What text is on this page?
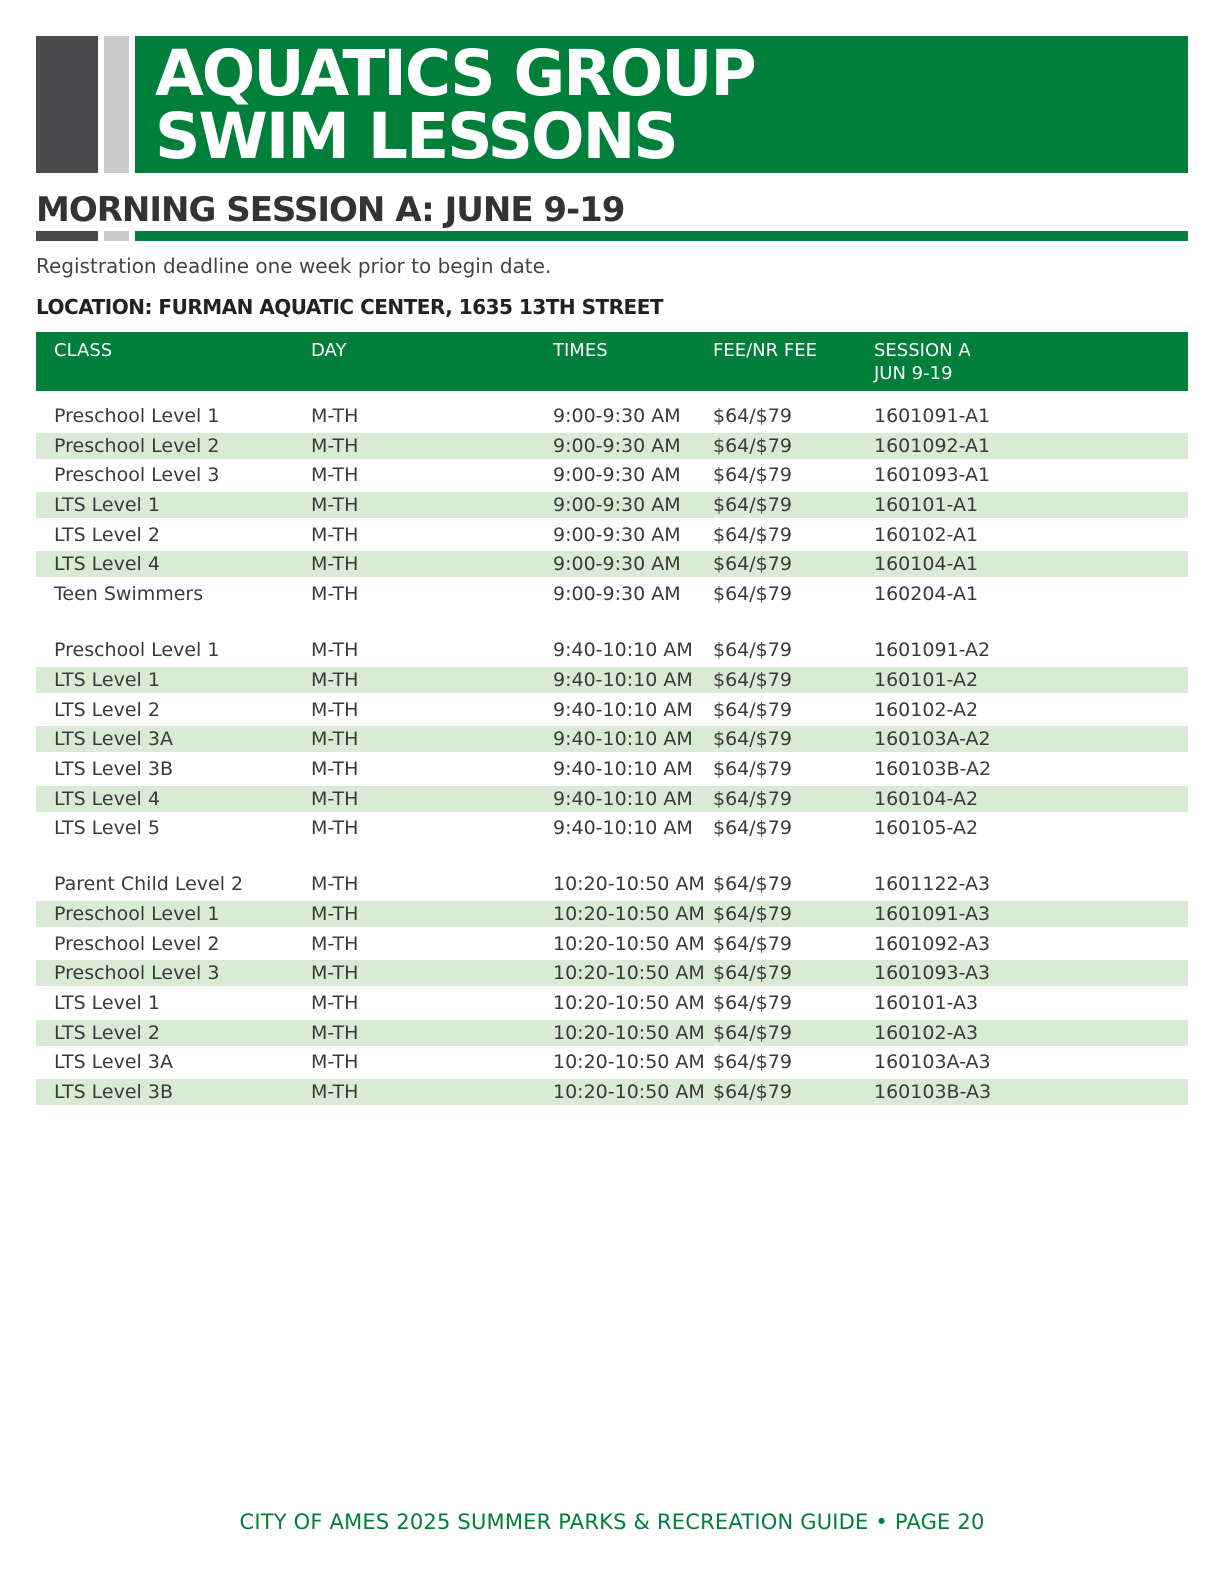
AQUATICS GROUP
SWIM LESSONS
MORNING SESSION A: JUNE 9-19
Registration deadline one week prior to begin date.
LOCATION: FURMAN AQUATIC CENTER, 1635 13TH STREET
CLASS	DAY	TIMES	FEE/NR FEE	SESSION A
JUN 9-19
Preschool Level 1	M-TH	9:00-9:30 AM $64/$79	1601091-A1
Preschool Level 2	M-TH	9:00-9:30 AM $64/$79	1601092-A1
Preschool Level 3	M-TH	9:00-9:30 AM $64/$79	1601093-A1
LTS Level 1	M-TH	9:00-9:30 AM $64/$79	160101-A1
LTS Level 2	M-TH	9:00-9:30 AM $64/$79	160102-A1
LTS Level 4	M-TH	9:00-9:30 AM $64/$79	160104-A1
Teen Swimmers	M-TH	9:00-9:30 AM $64/$79	160204-A1
Preschool Level 1	M-TH	9:40-10:10 AM $64/$79	1601091-A2
LTS Level 1	M-TH	9:40-10:10 AM $64/$79	160101-A2
LTS Level 2	M-TH	9:40-10:10 AM $64/$79	160102-A2
LTS Level 3A	M-TH	9:40-10:10 AM $64/$79	160103A-A2
LTS Level 3B	M-TH	9:40-10:10 AM $64/$79	160103B-A2
LTS Level 4	M-TH	9:40-10:10 AM $64/$79	160104-A2
LTS Level 5	M-TH	9:40-10:10 AM $64/$79	160105-A2
Parent Child Level 2	M-TH	10:20-10:50 AM $64/$79	1601122-A3
Preschool Level 1	M-TH	10:20-10:50 AM $64/$79	1601091-A3
Preschool Level 2	M-TH	10:20-10:50 AM $64/$79	1601092-A3
Preschool Level 3	M-TH	10:20-10:50 AM $64/$79	1601093-A3
LTS Level 1	M-TH	10:20-10:50 AM $64/$79	160101-A3
LTS Level 2	M-TH	10:20-10:50 AM $64/$79	160102-A3
LTS Level 3A	M-TH	10:20-10:50 AM $64/$79	160103A-A3
LTS Level 3B	M-TH	10:20-10:50 AM $64/$79	160103B-A3
CITY OF AMES 2025 SUMMER PARKS & RECREATION GUIDE • PAGE 20
